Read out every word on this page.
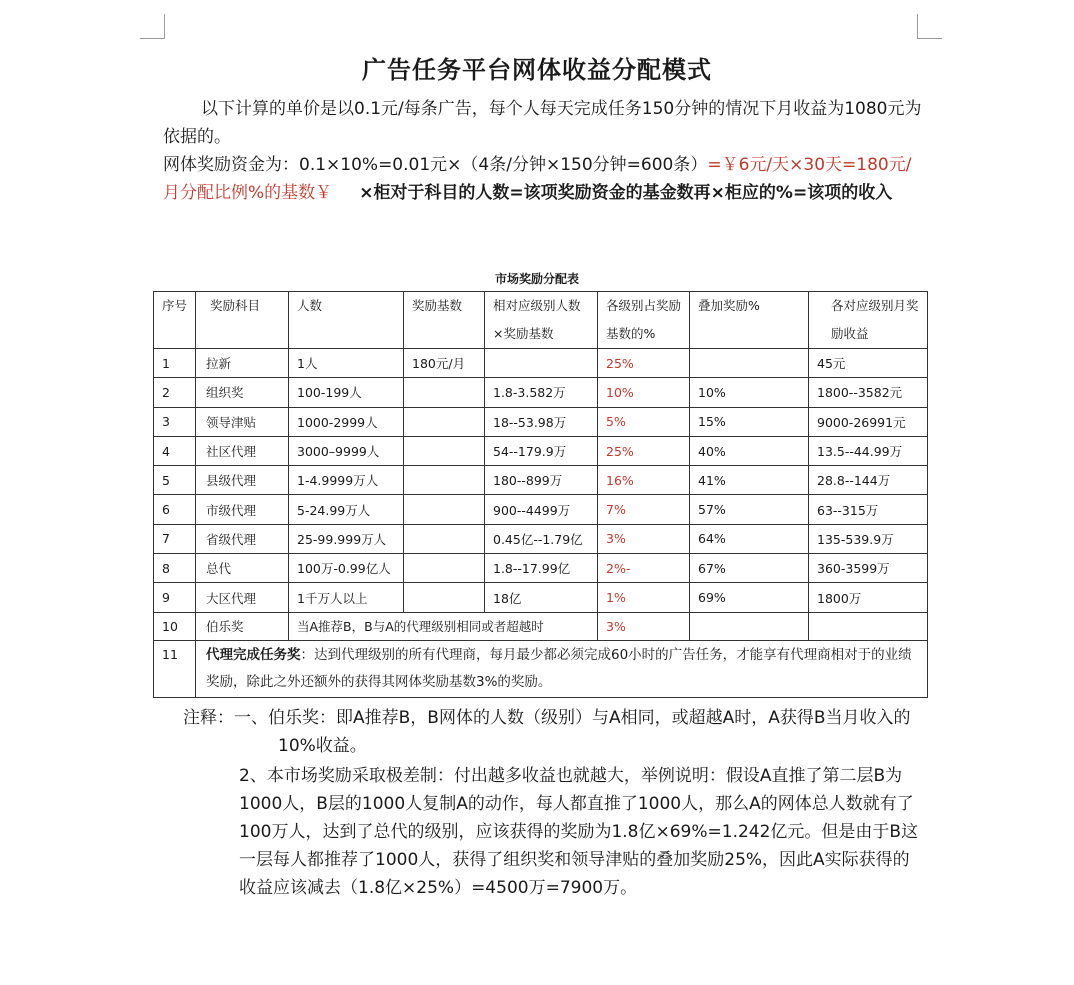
广告任务平台网体收益分配模式

以下计算的单价是以0.1元/每条广告，每个人每天完成任务150分钟的情况下月收益为1080元为依据的。

网体奖励资金为：0.1×10%=0.01元×（4条/分钟×150分钟=600条）=￥6元/天×30天=180元/月分配比例%的基数￥ ×柜对于科目的人数=该项奖励资金的基金数再×柜应的%=该项的收入

市场奖励分配表
序号	奖励科目	人数	奖励基数	相对应级别人数×奖励基数	各级别占奖励基数的%	叠加奖励%	各对应级别月奖励收益
1	拉新	1人	180元/月		25%		45元
2	组织奖	100-199人		1.8-3.582万	10%	10%	1800--3582元
3	领导津贴	1000-2999人		18--53.98万	5%	15%	9000-26991元
4	社区代理	3000–9999人		54--179.9万	25%	40%	13.5--44.99万
5	县级代理	1-4.9999万人		180--899万	16%	41%	28.8--144万
6	市级代理	5-24.99万人		900--4499万	7%	57%	63--315万
7	省级代理	25-99.999万人		0.45亿--1.79亿	3%	64%	135-539.9万
8	总代	100万-0.99亿人		1.8--17.99亿	2%-	67%	360-3599万
9	大区代理	1千万人以上		18亿	1%	69%	1800万
10	伯乐奖	当A推荐B，B与A的代理级别相同或者超越时			3%		
11	代理完成任务奖：达到代理级别的所有代理商，每月最少都必须完成60小时的广告任务，才能享有代理商相对于的业绩奖励，除此之外还额外的获得其网体奖励基数3%的奖励。						

注释：一、伯乐奖：即A推荐B，B网体的人数（级别）与A相同，或超越A时，A获得B当月收入的10%收益。

2、本市场奖励采取极差制：付出越多收益也就越大，举例说明：假设A直推了第二层B为1000人，B层的1000人复制A的动作，每人都直推了1000人，那么A的网体总人数就有了100万人，达到了总代的级别，应该获得的奖励为1.8亿×69%=1.242亿元。但是由于B这一层每人都推荐了1000人，获得了组织奖和领导津贴的叠加奖励25%，因此A实际获得的收益应该减去（1.8亿×25%）=4500万=7900万。
